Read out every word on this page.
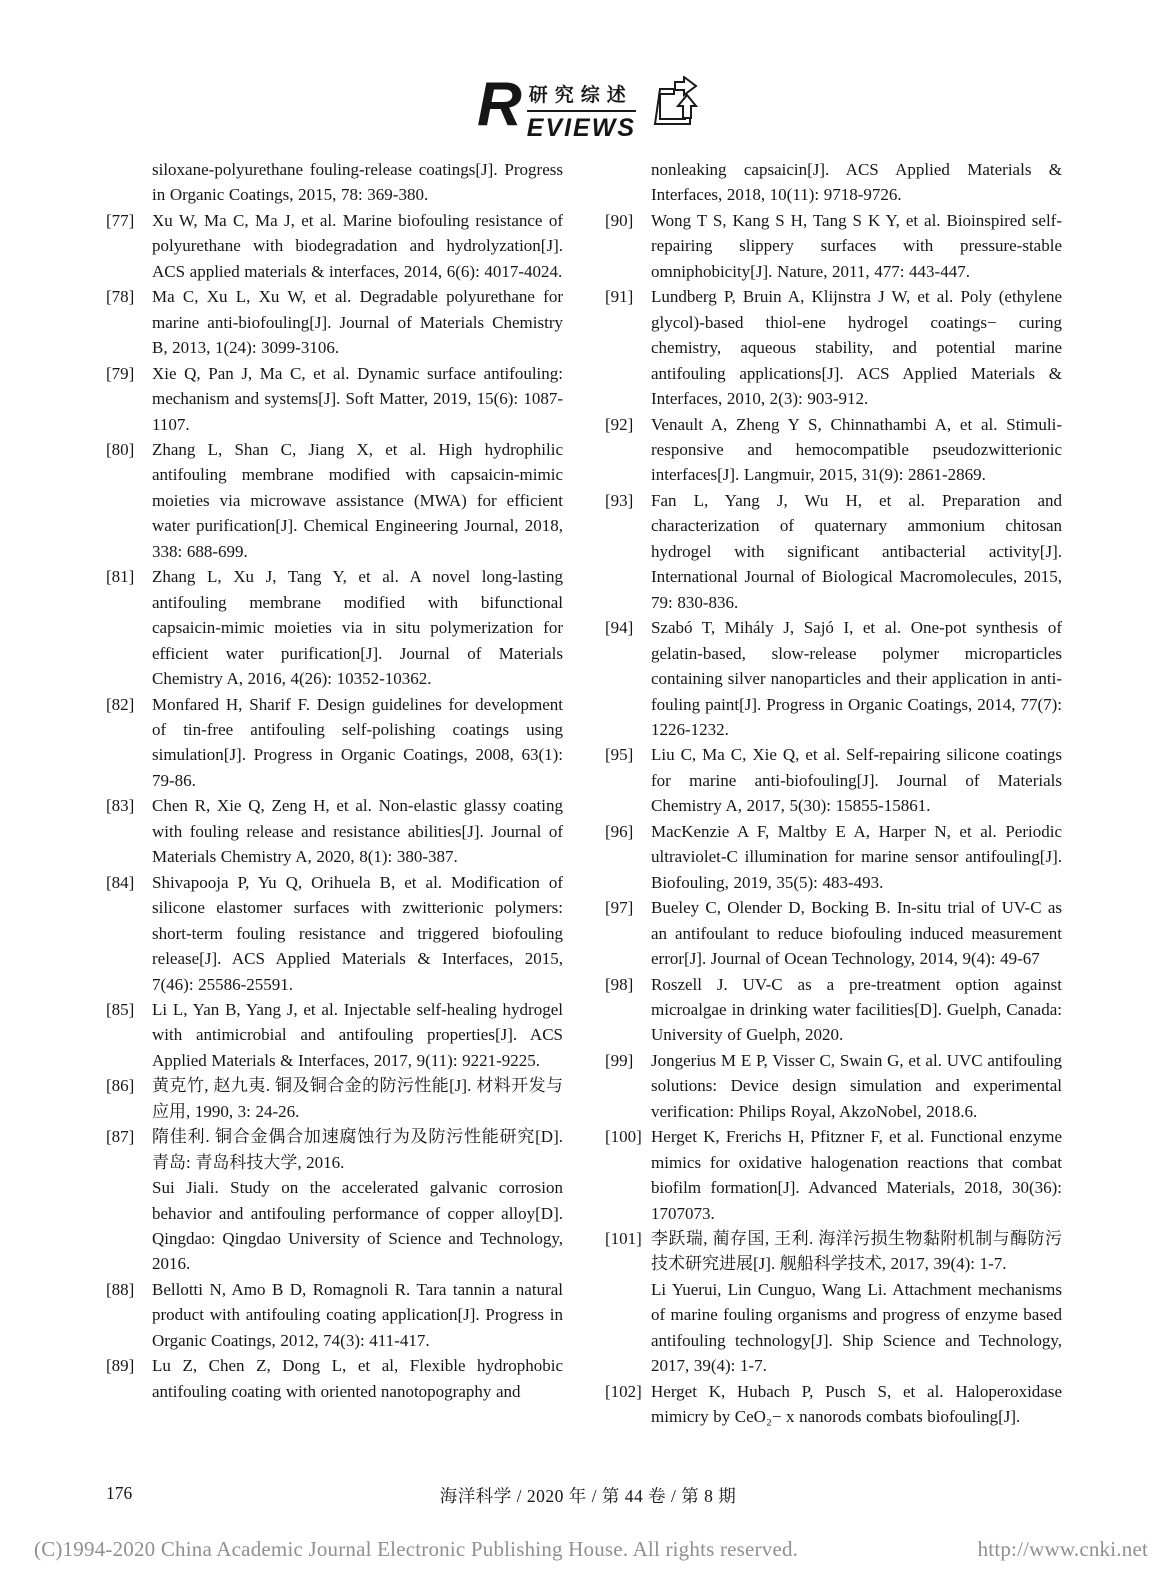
R 研究综述
EVIEWS

siloxane-polyurethane fouling-release coatings[J]. Progress in Organic Coatings, 2015, 78: 369-380.

[77]	Xu W, Ma C, Ma J, et al. Marine biofouling resistance of polyurethane with biodegradation and hydrolyzation[J]. ACS applied materials & interfaces, 2014, 6(6): 4017-4024.

[78]	Ma C, Xu L, Xu W, et al. Degradable polyurethane for marine anti-biofouling[J]. Journal of Materials Chemistry B, 2013, 1(24): 3099-3106.

[79]	Xie Q, Pan J, Ma C, et al. Dynamic surface antifouling: mechanism and systems[J]. Soft Matter, 2019, 15(6): 1087-1107.

[80]	Zhang L, Shan C, Jiang X, et al. High hydrophilic antifouling membrane modified with capsaicin-mimic moieties via microwave assistance (MWA) for efficient water purification[J]. Chemical Engineering Journal, 2018, 338: 688-699.

[81]	Zhang L, Xu J, Tang Y, et al. A novel long-lasting antifouling membrane modified with bifunctional capsaicin-mimic moieties via in situ polymerization for efficient water purification[J]. Journal of Materials Chemistry A, 2016, 4(26): 10352-10362.

[82]	Monfared H, Sharif F. Design guidelines for development of tin-free antifouling self-polishing coatings using simulation[J]. Progress in Organic Coatings, 2008, 63(1): 79-86.

[83]	Chen R, Xie Q, Zeng H, et al. Non-elastic glassy coating with fouling release and resistance abilities[J]. Journal of Materials Chemistry A, 2020, 8(1): 380-387.

[84]	Shivapooja P, Yu Q, Orihuela B, et al. Modification of silicone elastomer surfaces with zwitterionic polymers: short-term fouling resistance and triggered biofouling release[J]. ACS Applied Materials & Interfaces, 2015, 7(46): 25586-25591.

[85]	Li L, Yan B, Yang J, et al. Injectable self-healing hydrogel with antimicrobial and antifouling properties[J]. ACS Applied Materials & Interfaces, 2017, 9(11): 9221-9225.

[86]	黄克竹, 赵九夷. 铜及铜合金的防污性能[J]. 材料开发与应用, 1990, 3: 24-26.

[87]	隋佳利. 铜合金偶合加速腐蚀行为及防污性能研究[D]. 青岛: 青岛科技大学, 2016.

Sui Jiali. Study on the accelerated galvanic corrosion behavior and antifouling performance of copper alloy[D]. Qingdao: Qingdao University of Science and Technology, 2016.

[88]	Bellotti N, Amo B D, Romagnoli R. Tara tannin a natural product with antifouling coating application[J]. Progress in Organic Coatings, 2012, 74(3): 411-417.

[89]	Lu Z, Chen Z, Dong L, et al, Flexible hydrophobic antifouling coating with oriented nanotopography and

nonleaking capsaicin[J]. ACS Applied Materials & Interfaces, 2018, 10(11): 9718-9726.

[90]	Wong T S, Kang S H, Tang S K Y, et al. Bioinspired self-repairing slippery surfaces with pressure-stable omniphobicity[J]. Nature, 2011, 477: 443-447.

[91]	Lundberg P, Bruin A, Klijnstra J W, et al. Poly (ethylene glycol)-based thiol-ene hydrogel coatings− curing chemistry, aqueous stability, and potential marine antifouling applications[J]. ACS Applied Materials & Interfaces, 2010, 2(3): 903-912.

[92]	Venault A, Zheng Y S, Chinnathambi A, et al. Stimuli-responsive and hemocompatible pseudozwitterionic interfaces[J]. Langmuir, 2015, 31(9): 2861-2869.

[93]	Fan L, Yang J, Wu H, et al. Preparation and characterization of quaternary ammonium chitosan hydrogel with significant antibacterial activity[J]. International Journal of Biological Macromolecules, 2015, 79: 830-836.

[94]	Szabó T, Mihály J, Sajó I, et al. One-pot synthesis of gelatin-based, slow-release polymer microparticles containing silver nanoparticles and their application in anti-fouling paint[J]. Progress in Organic Coatings, 2014, 77(7): 1226-1232.

[95]	Liu C, Ma C, Xie Q, et al. Self-repairing silicone coatings for marine anti-biofouling[J]. Journal of Materials Chemistry A, 2017, 5(30): 15855-15861.

[96]	MacKenzie A F, Maltby E A, Harper N, et al. Periodic ultraviolet-C illumination for marine sensor antifouling[J]. Biofouling, 2019, 35(5): 483-493.

[97]	Bueley C, Olender D, Bocking B. In-situ trial of UV-C as an antifoulant to reduce biofouling induced measurement error[J]. Journal of Ocean Technology, 2014, 9(4): 49-67

[98]	Roszell J. UV-C as a pre-treatment option against microalgae in drinking water facilities[D]. Guelph, Canada: University of Guelph, 2020.

[99]	Jongerius M E P, Visser C, Swain G, et al. UVC antifouling solutions: Device design simulation and experimental verification: Philips Royal, AkzoNobel, 2018.6.

[100] Herget K, Frerichs H, Pfitzner F, et al. Functional enzyme mimics for oxidative halogenation reactions that combat biofilm formation[J]. Advanced Materials, 2018, 30(36): 1707073.

[101] 李跃瑞, 蔺存国, 王利. 海洋污损生物黏附机制与酶防污技术研究进展[J]. 舰船科学技术, 2017, 39(4): 1-7.

Li Yuerui, Lin Cunguo, Wang Li. Attachment mechanisms of marine fouling organisms and progress of enzyme based antifouling technology[J]. Ship Science and Technology, 2017, 39(4): 1-7.

[102] Herget K, Hubach P, Pusch S, et al. Haloperoxidase mimicry by CeO₂− x nanorods combats biofouling[J].

176	海洋科学 / 2020 年 / 第 44 卷 / 第 8 期
(C)1994-2020 China Academic Journal Electronic Publishing House. All rights reserved.	http://www.cnki.net
